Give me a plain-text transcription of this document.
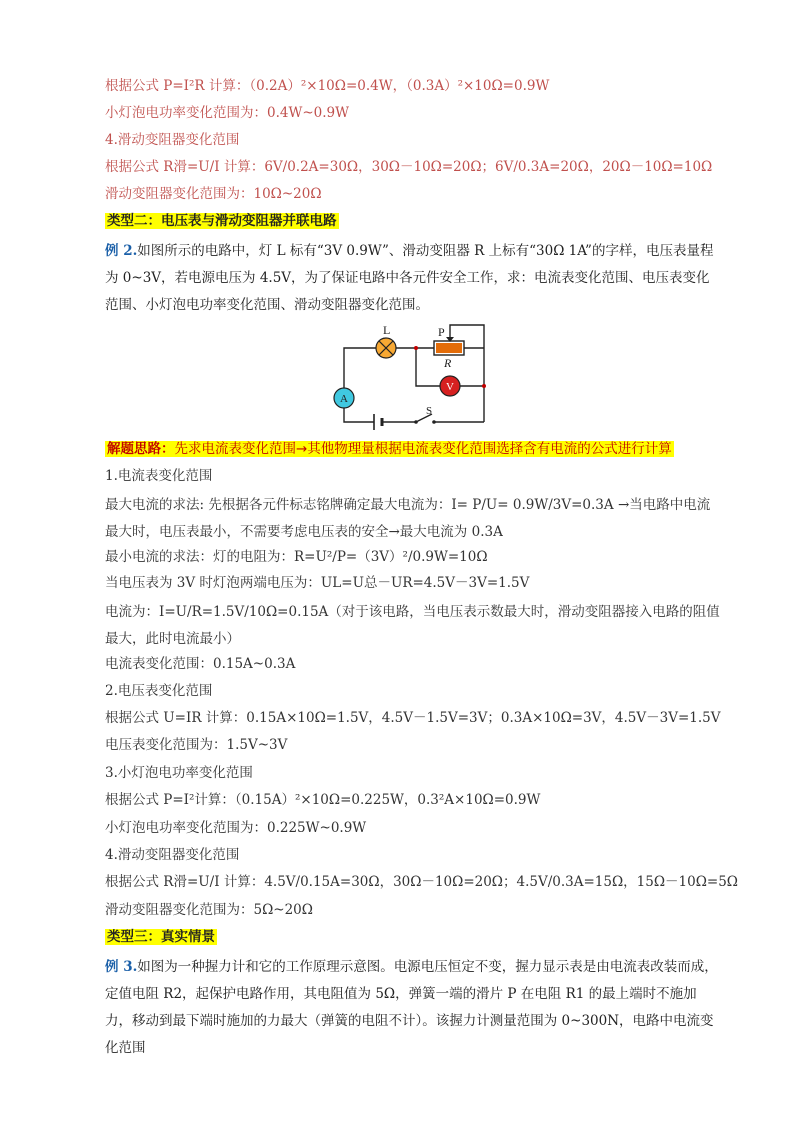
根据公式 P=I²R 计算：（0.2A）²×10Ω=0.4W，（0.3A）²×10Ω=0.9W
小灯泡电功率变化范围为：0.4W~0.9W
4.滑动变阻器变化范围
根据公式 R滑=U/I 计算：6V/0.2A=30Ω，30Ω－10Ω=20Ω；6V/0.3A=20Ω，20Ω－10Ω=10Ω
滑动变阻器变化范围为：10Ω~20Ω
类型二：电压表与滑动变阻器并联电路
例 2.如图所示的电路中，灯 L 标有“3V 0.9W”、滑动变阻器 R 上标有“30Ω 1A”的字样，电压表量程为 0~3V，若电源电压为 4.5V，为了保证电路中各元件安全工作，求：电流表变化范围、电压表变化范围、小灯泡电功率变化范围、滑动变阻器变化范围。
A
V
L	P
R
S
解题思路：先求电流表变化范围→其他物理量根据电流表变化范围选择含有电流的公式进行计算
1.电流表变化范围
最大电流的求法: 先根据各元件标志铭牌确定最大电流为：I= P/U= 0.9W/3V=0.3A →当电路中电流最大时，电压表最小，不需要考虑电压表的安全→最大电流为 0.3A
最小电流的求法：灯的电阻为：R=U²/P=（3V）²/0.9W=10Ω
当电压表为 3V 时灯泡两端电压为：UL=U总－UR=4.5V－3V=1.5V
电流为：I=U/R=1.5V/10Ω=0.15A（对于该电路，当电压表示数最大时，滑动变阻器接入电路的阻值最大，此时电流最小）
电流表变化范围：0.15A~0.3A
2.电压表变化范围
根据公式 U=IR 计算：0.15A×10Ω=1.5V，4.5V－1.5V=3V；0.3A×10Ω=3V，4.5V－3V=1.5V
电压表变化范围为：1.5V~3V
3.小灯泡电功率变化范围
根据公式 P=I²计算：（0.15A）²×10Ω=0.225W，0.3²A×10Ω=0.9W
小灯泡电功率变化范围为：0.225W~0.9W
4.滑动变阻器变化范围
根据公式 R滑=U/I 计算：4.5V/0.15A=30Ω，30Ω－10Ω=20Ω；4.5V/0.3A=15Ω，15Ω－10Ω=5Ω
滑动变阻器变化范围为：5Ω~20Ω
类型三：真实情景
例 3.如图为一种握力计和它的工作原理示意图。电源电压恒定不变，握力显示表是由电流表改装而成，定值电阻 R2，起保护电路作用，其电阻值为 5Ω，弹簧一端的滑片 P 在电阻 R1 的最上端时不施加力，移动到最下端时施加的力最大（弹簧的电阻不计）。该握力计测量范围为 0~300N，电路中电流变化范围
